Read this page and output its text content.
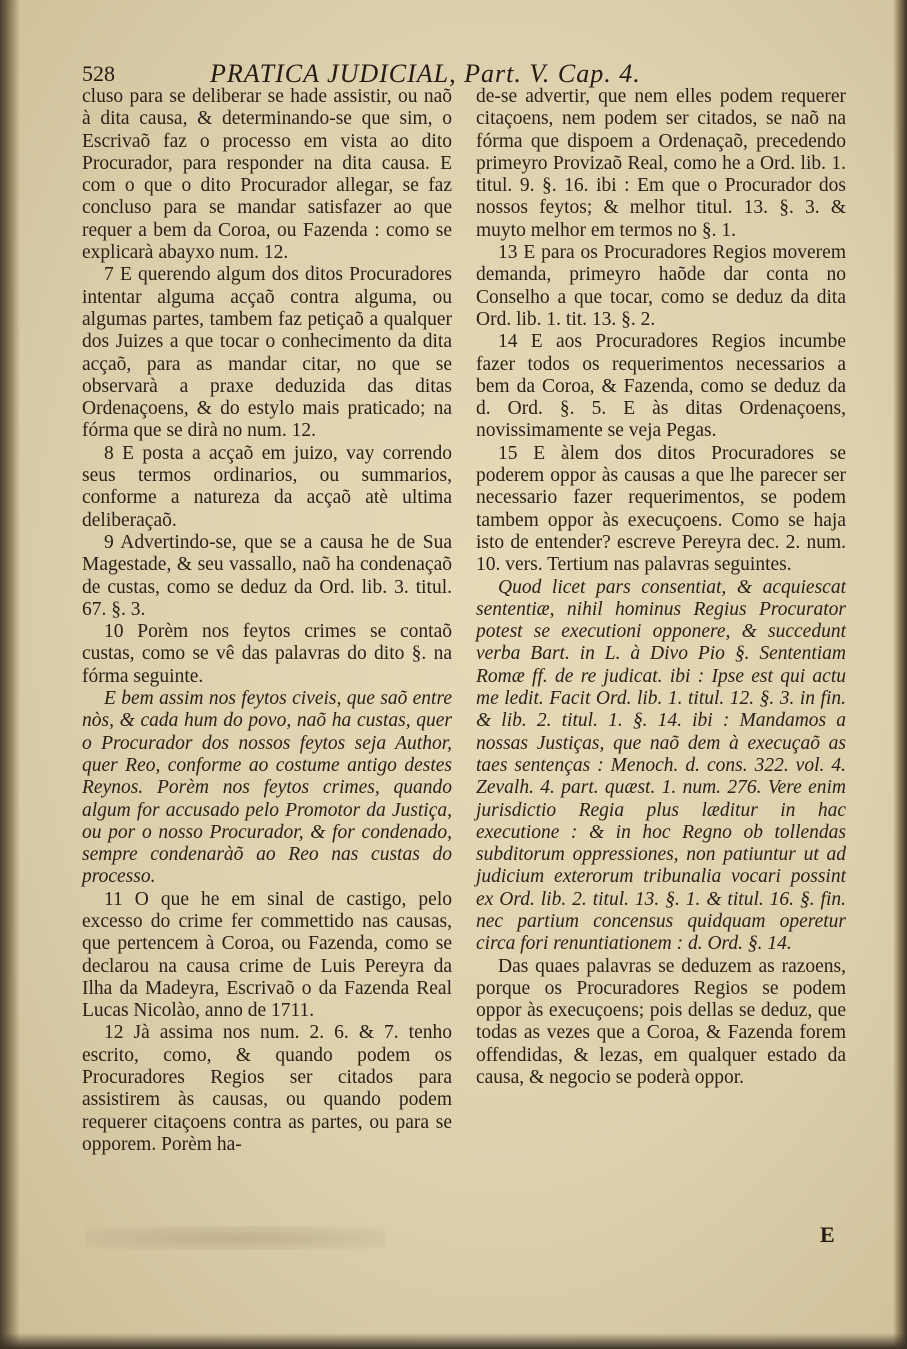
528	PRATICA JUDICIAL, Part. V. Cap. 4.

cluso para se deliberar se hade assistir, ou naõ à dita causa, & determinando-se que sim, o Escrivaõ faz o processo em vista ao dito Procurador, para responder na dita causa. E com o que o dito Procurador allegar, se faz concluso para se mandar satisfazer ao que requer a bem da Coroa, ou Fazenda : como se explicarà abayxo num. 12.

7 E querendo algum dos ditos Procuradores intentar alguma acçaõ contra alguma, ou algumas partes, tambem faz petiçaõ a qualquer dos Juizes a que tocar o conhecimento da dita acçaõ, para as mandar citar, no que se observarà a praxe deduzida das ditas Ordenaçoens, & do estylo mais praticado; na fórma que se dirà no num. 12.

8 E posta a acçaõ em juizo, vay correndo seus termos ordinarios, ou summarios, conforme a natureza da acçaõ atè ultima deliberaçaõ.

9 Advertindo-se, que se a causa he de Sua Magestade, & seu vassallo, naõ ha condenaçaõ de custas, como se deduz da Ord. lib. 3. titul. 67. §. 3.

10 Porèm nos feytos crimes se contaõ custas, como se vê das palavras do dito §. na fórma seguinte.

E bem assim nos feytos civeis, que saõ entre nòs, & cada hum do povo, naõ ha custas, quer o Procurador dos nossos feytos seja Author, quer Reo, conforme ao costume antigo destes Reynos. Porèm nos feytos crimes, quando algum for accusado pelo Promotor da Justiça, ou por o nosso Procurador, & for condenado, sempre condenaràõ ao Reo nas custas do processo.

11 O que he em sinal de castigo, pelo excesso do crime fer commettido nas causas, que pertencem à Coroa, ou Fazenda, como se declarou na causa crime de Luis Pereyra da Ilha da Madeyra, Escrivaõ o da Fazenda Real Lucas Nicolào, anno de 1711.

12 Jà assima nos num. 2. 6. & 7. tenho escrito, como, & quando podem os Procuradores Regios ser citados para assistirem às causas, ou quando podem requerer citaçoens contra as partes, ou para se opporem. Porèm ha-

de-se advertir, que nem elles podem requerer citaçoens, nem podem ser citados, se naõ na fórma que dispoem a Ordenaçaõ, precedendo primeyro Provizaõ Real, como he a Ord. lib. 1. titul. 9. §. 16. ibi : Em que o Procurador dos nossos feytos; & melhor titul. 13. §. 3. & muyto melhor em termos no §. 1.

13 E para os Procuradores Regios moverem demanda, primeyro haõde dar conta no Conselho a que tocar, como se deduz da dita Ord. lib. 1. tit. 13. §. 2.

14 E aos Procuradores Regios incumbe fazer todos os requerimentos necessarios a bem da Coroa, & Fazenda, como se deduz da d. Ord. §. 5. E às ditas Ordenaçoens, novissimamente se veja Pegas.

15 E àlem dos ditos Procuradores se poderem oppor às causas a que lhe parecer ser necessario fazer requerimentos, se podem tambem oppor às execuçoens. Como se haja isto de entender? escreve Pereyra dec. 2. num. 10. vers. Tertium nas palavras seguintes.

Quod licet pars consentiat, & acquiescat sententiæ, nihil hominus Regius Procurator potest se executioni opponere, & succedunt verba Bart. in L. à Divo Pio §. Sententiam Romæ ff. de re judicat. ibi : Ipse est qui actu me ledit. Facit Ord. lib. 1. titul. 12. §. 3. in fin. & lib. 2. titul. 1. §. 14. ibi : Mandamos a nossas Justiças, que naõ dem à execuçaõ as taes sentenças : Menoch. d. cons. 322. vol. 4. Zevalh. 4. part. quæst. 1. num. 276. Vere enim jurisdictio Regia plus læditur in hac executione : & in hoc Regno ob tollendas subditorum oppressiones, non patiuntur ut ad judicium exterorum tribunalia vocari possint ex Ord. lib. 2. titul. 13. §. 1. & titul. 16. §. fin. nec partium concensus quidquam operetur circa fori renuntiationem : d. Ord. §. 14.

Das quaes palavras se deduzem as razoens, porque os Procuradores Regios se podem oppor às execuçoens; pois dellas se deduz, que todas as vezes que a Coroa, & Fazenda forem offendidas, & lezas, em qualquer estado da causa, & negocio se poderà oppor.

E
